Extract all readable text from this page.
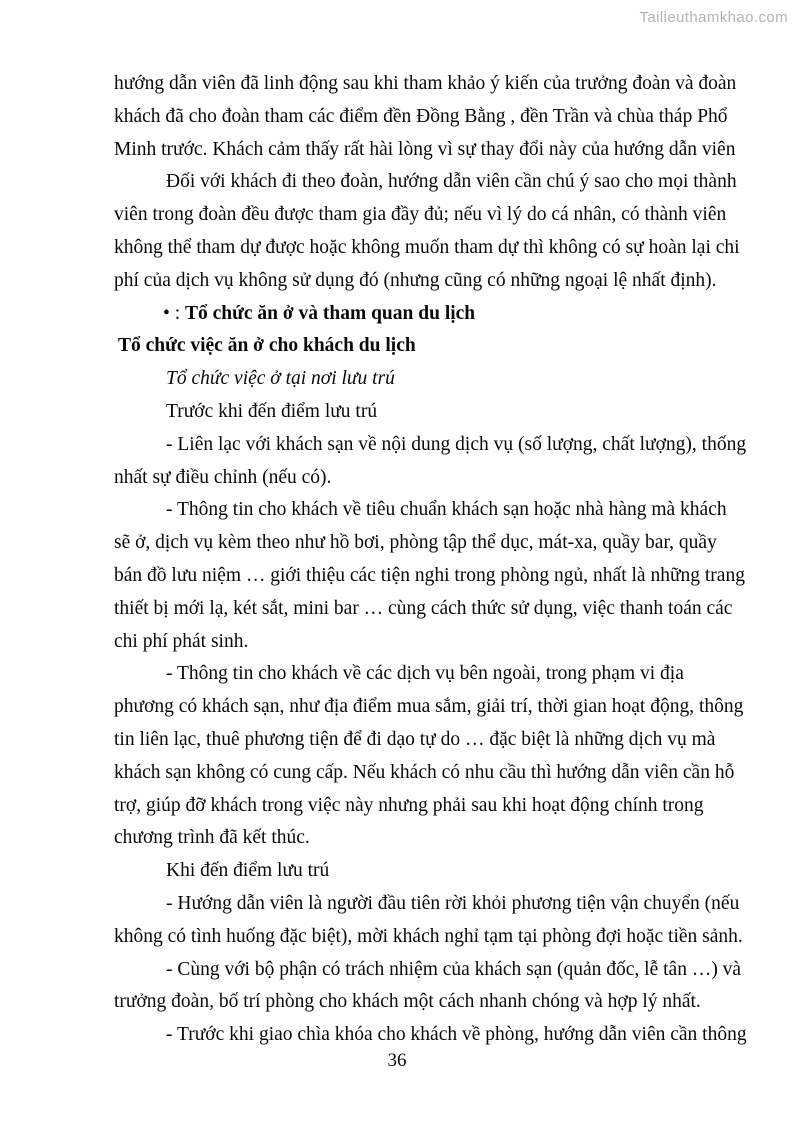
Tailieuthamkhao.com
hướng dẫn viên đã linh động sau khi tham khảo ý kiến của trưởng đoàn và đoàn
khách đã cho đoàn tham các điểm đền Đồng Bằng , đền Trần và chùa tháp Phổ
Minh trước. Khách cảm thấy rất hài lòng vì sự thay đổi này của hướng dẫn viên
Đối với khách đi theo đoàn, hướng dẫn viên cần chú ý sao cho mọi thành
viên trong đoàn đều được tham gia đầy đủ; nếu vì lý do cá nhân, có thành viên
không thể tham dự được hoặc không muốn tham dự thì không có sự hoàn lại chi
phí của dịch vụ không sử dụng đó (nhưng cũng có những ngoại lệ nhất định).
• : Tổ chức ăn ở và tham quan du lịch
Tổ chức việc ăn ở cho khách du lịch
Tổ chức việc ở tại nơi lưu trú
Trước khi đến điểm lưu trú
- Liên lạc với khách sạn về nội dung dịch vụ (số lượng, chất lượng), thống
nhất sự điều chỉnh (nếu có).
- Thông tin cho khách về tiêu chuẩn khách sạn hoặc nhà hàng mà khách
sẽ ở, dịch vụ kèm theo như hồ bơi, phòng tập thể dục, mát-xa, quầy bar, quầy
bán đồ lưu niệm … giới thiệu các tiện nghi trong phòng ngủ, nhất là những trang
thiết bị mới lạ, két sắt, mini bar … cùng cách thức sử dụng, việc thanh toán các
chi phí phát sinh.
- Thông tin cho khách về các dịch vụ bên ngoài, trong phạm vi địa
phương có khách sạn, như địa điểm mua sắm, giải trí, thời gian hoạt động, thông
tin liên lạc, thuê phương tiện để đi dạo tự do … đặc biệt là những dịch vụ mà
khách sạn không có cung cấp. Nếu khách có nhu cầu thì hướng dẫn viên cần hỗ
trợ, giúp đỡ khách trong việc này nhưng phải sau khi hoạt động chính trong
chương trình đã kết thúc.
Khi đến điểm lưu trú
- Hướng dẫn viên là người đầu tiên rời khỏi phương tiện vận chuyển (nếu
không có tình huống đặc biệt), mời khách nghỉ tạm tại phòng đợi hoặc tiền sảnh.
- Cùng với bộ phận có trách nhiệm của khách sạn (quản đốc, lễ tân …) và
trưởng đoàn, bố trí phòng cho khách một cách nhanh chóng và hợp lý nhất.
- Trước khi giao chìa khóa cho khách về phòng, hướng dẫn viên cần thông
36
